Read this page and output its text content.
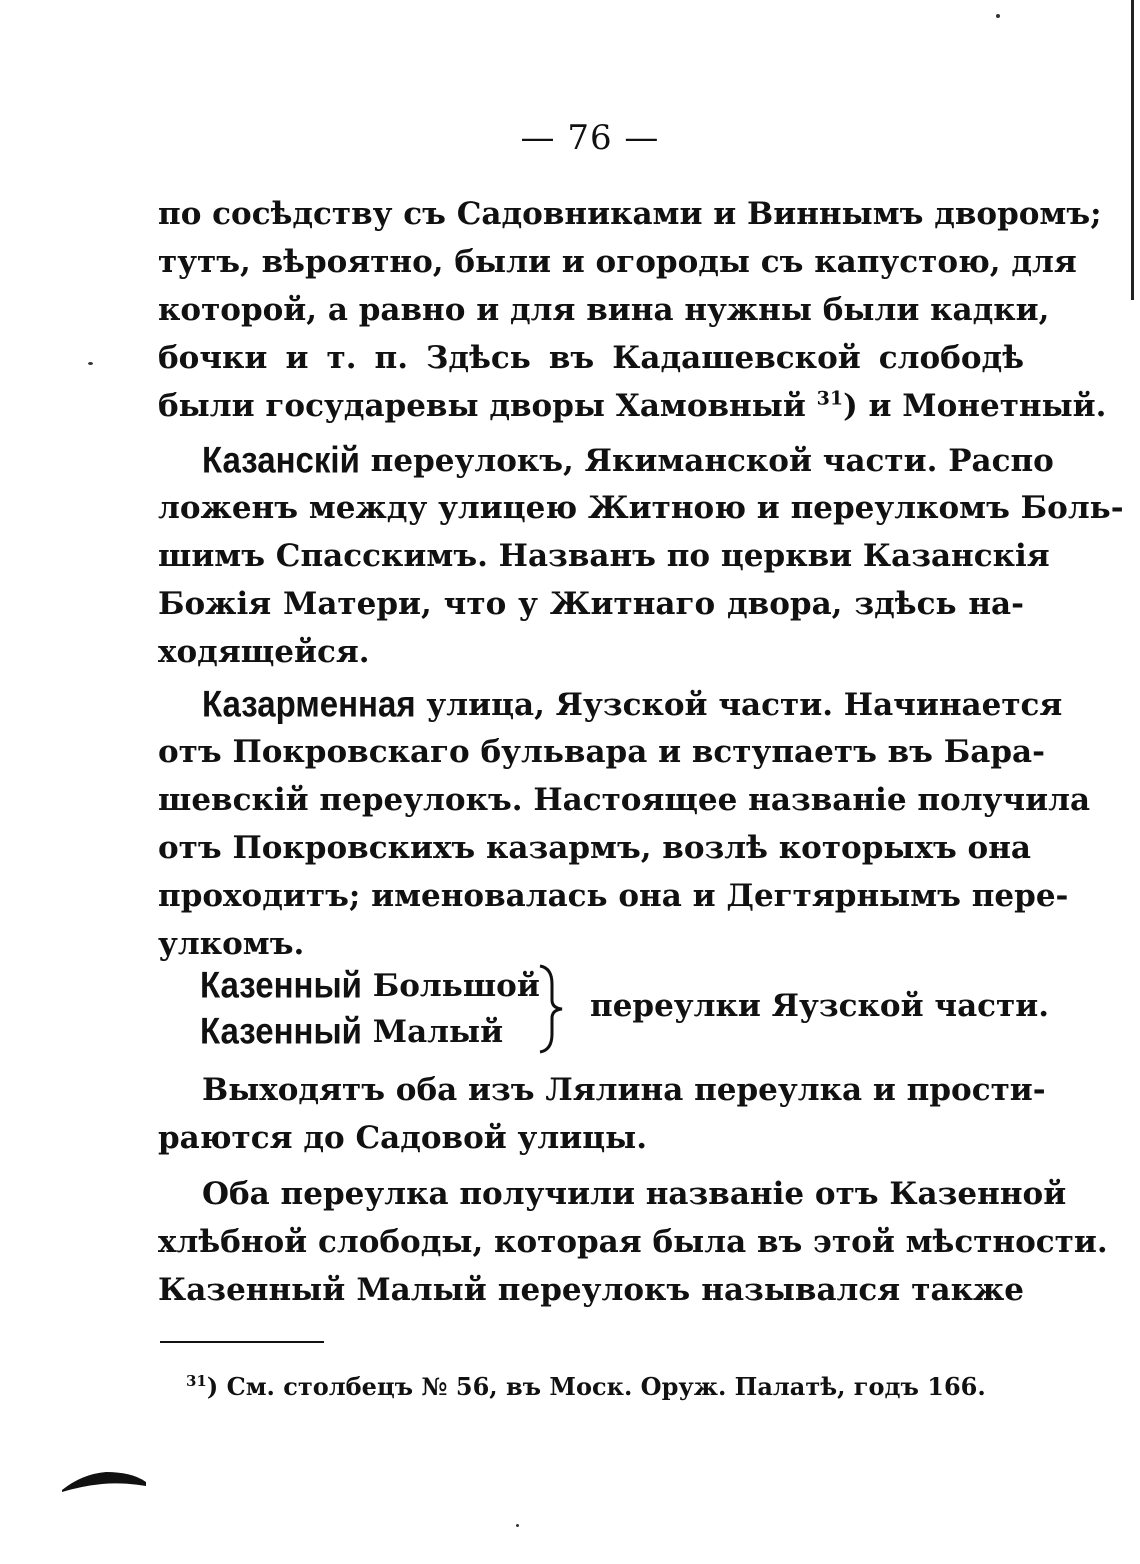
— 76 —
по сосѣдству съ Садовниками и Виннымъ дворомъ;
тутъ, вѣроятно, были и огороды съ капустою, для
которой, а равно и для вина нужны были кадки,
бочки и т. п. Здѣсь въ Кадашевской слободѣ
были государевы дворы Хамовный $^{31}$) и Монетный.
Казанскій переулокъ, Якиманской части. Распо
ложенъ между улицею Житною и переулкомъ Боль-
шимъ Спасскимъ. Названъ по церкви Казанскія
Божія Матери, что у Житнаго двора, здѣсь на-
ходящейся.
Казарменная улица, Яузской части. Начинается
отъ Покровскаго бульвара и вступаетъ въ Бара-
шевскій переулокъ. Настоящее названіе получила
отъ Покровскихъ казармъ, возлѣ которыхъ она
проходитъ; именовалась она и Дегтярнымъ пере-
улкомъ.
Казенный Большой
Казенный Малый
переулки Яузской части.
Выходятъ оба изъ Лялина переулка и прости-
раются до Садовой улицы.
Оба переулка получили названіе отъ Казенной
хлѣбной слободы, которая была въ этой мѣстности.
Казенный Малый переулокъ назывался также
$^{31}$) См. столбецъ № 56, въ Моск. Оруж. Палатѣ, годъ 166.
